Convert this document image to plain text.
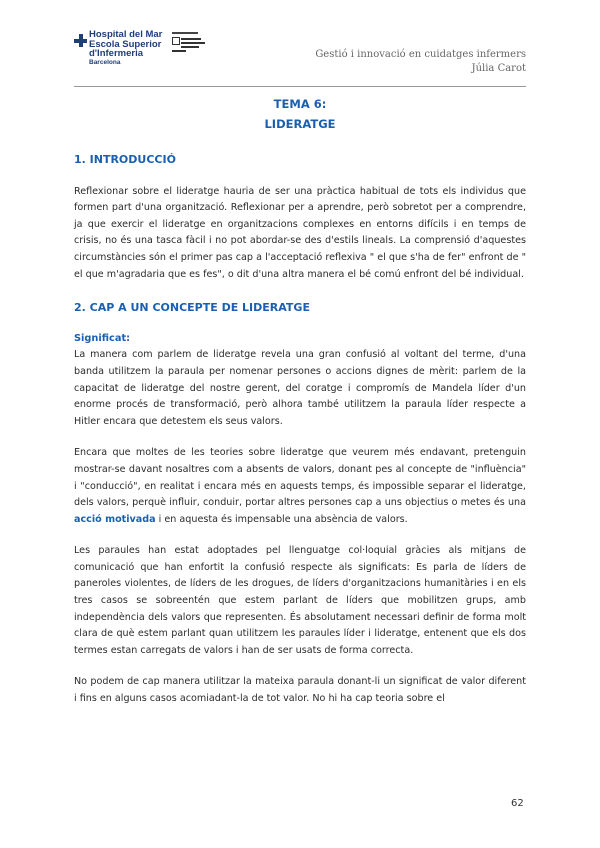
Hospital del Mar
Escola Superior
d'Infermeria
Barcelona
Gestió i innovació en cuidatges infermers
Júlia Carot
TEMA 6:
LIDERATGE
1. INTRODUCCIÓ

Reflexionar sobre el lideratge hauria de ser una pràctica habitual de tots els individus que formen part d'una organització. Reflexionar per a aprendre, però sobretot per a comprendre, ja que exercir el lideratge en organitzacions complexes en entorns difícils i en temps de crisis, no és una tasca fàcil i no pot abordar-se des d'estils lineals. La comprensió d'aquestes circumstàncies són el primer pas cap a l'acceptació reflexiva " el que s'ha de fer" enfront de " el que m'agradaria que es fes", o dit d'una altra manera el bé comú enfront del bé individual.

2. CAP A UN CONCEPTE DE LIDERATGE
Significat:

La manera com parlem de lideratge revela una gran confusió al voltant del terme, d'una banda utilitzem la paraula per nomenar persones o accions dignes de mèrit: parlem de la capacitat de lideratge del nostre gerent, del coratge i compromís de Mandela líder d'un enorme procés de transformació, però alhora també utilitzem la paraula líder respecte a Hitler encara que detestem els seus valors.

Encara que moltes de les teories sobre lideratge que veurem més endavant, pretenguin mostrar-se davant nosaltres com a absents de valors, donant pes al concepte de "influència" i "conducció", en realitat i encara més en aquests temps, és impossible separar el lideratge, dels valors, perquè influir, conduir, portar altres persones cap a uns objectius o metes és una acció motivada i en aquesta és impensable una absència de valors.

Les paraules han estat adoptades pel llenguatge col·loquial gràcies als mitjans de comunicació que han enfortit la confusió respecte als significats: Es parla de líders de paneroles violentes, de líders de les drogues, de líders d'organitzacions humanitàries i en els tres casos se sobreentén que estem parlant de líders que mobilitzen grups, amb independència dels valors que representen. És absolutament necessari definir de forma molt clara de què estem parlant quan utilitzem les paraules líder i lideratge, entenent que els dos termes estan carregats de valors i han de ser usats de forma correcta.

No podem de cap manera utilitzar la mateixa paraula donant-li un significat de valor diferent i fins en alguns casos acomiadant-la de tot valor. No hi ha cap teoria sobre el

62
